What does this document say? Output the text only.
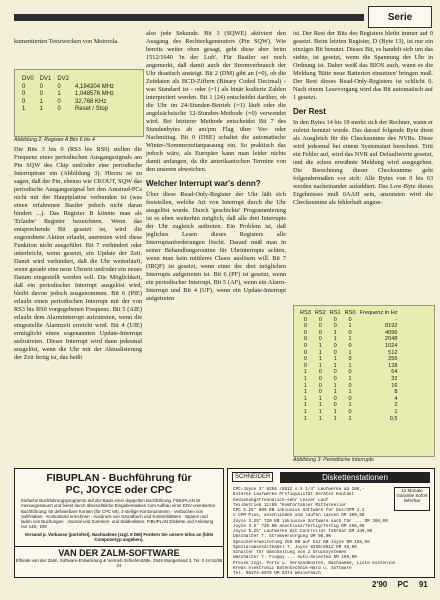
Serie

kumentierten Testzwecken von Motorola.

DV0	DV1	DV2	
0	0	0	4,194304 MHz
0	0	1	1,048576 MHz
0	1	0	32,768 KHz
1	1	0	Reset / Stop
Abbildung 2: Register A Bits 6 bis 4

Die Bits 3 bis 0 (RS3 bis RS0) stellen die Frequenz eines periodischen Ausgangssignals am Pin SQW des Chip und/oder eine periodische Interruptrate ein (Abbildung 3). Hierzu ist zu sagen, daß der Pin, ebenso wie CKOUT, SQW das periodische Ausgangssignal bei den Amstrad-PCs nicht mit der Hauptplatine verbunden ist (was einen erfahrenen Bastler jedoch nicht daran hindert ...). Das Register B könnte man als 'Erlaube' Register bezeichnen. Wenn das entsprechende Bit gesetzt ist, wird die zugeordnete Aktion erlaubt, anernsten wird diese Funktion nicht ausgeführt. Bit 7 verhindert oder unterbricht, wenn gesetzt, ein Update der Zeit. Damit wird verhindert, daß die Uhr weiterläuft, wenn gerade eine neue Uhrzeit und/oder ein neues Datum eingestellt werden soll. Die Möglichkeit, daß ein periodischer Interrupt ausgelöst wird, bleibt davon jedoch ausgenommen. Bit 6 (PIE) erlaubt einen periodischen Interrupt mit der von RS3 bis RS0 vorgegebenen Frequenz. Bit 5 (AIE) erlaubt dem Alarminterrupt aufzutreten, wenn die eingestellte Alarmzeit erreicht wird. Bit 4 (UIE) ermöglicht einen sogenannten Update-Interrupt aufzutreten. Dieser Interrupt wird dann jedesmal ausgelöst, wenn die Uhr mit der Aktualisierung der Zeit fertig ist, das heißt

also jede Sekunde. Bit 3 (SQWE) aktiviert den Ausgang des Rechteckgenerators (Pin SQW). Wie bereits weiter oben gesagt, geht diese aber beim 1512/1640 'in der Luft'. Für Bastler sei noch angemerkt, daß damit auch der Stromverbrauch der Uhr drastisch ansteigt. Bit 2 (DM) gibt an (=0), ob die Zeitdaten als BCD-Ziffern (Binary Coded Decimal) - was Standard ist - oder (=1) als binär kodierte Zahlen interpretiert werden. Bit 1 (24) entscheidet darüber, ob die Uhr im 24-Stunden-Betrieb (=1) läuft oder die angelsächsische 12-Stunden-Methode (=0) verwendet wird. Bei letzterer Methode entscheidet Bit 7 des Stundenbytes ab am/pm Flag über Vor- oder Nachmittag. Bit 0 (DSE) schaltet die automatische Winter-/Sommerzeitanpassung ein. So praktisch das jedoch wäre, als Europäer kann man leider nichts damit anfangen, da die amerikanischen Termine von den unseren abweichen.

Welcher Interrupt war's denn?

Über diese Read-Only-Register der Uhr läßt sich feststellen, welche Art von Interrupt durch die Uhr ausgelöst wurde. Durch 'geschickte' Programmierung ist es eben weiterhin möglich, daß alle drei Interrupts der Uhr zugleich auftreten. Ein Problem ist, daß jegliches Lesen dieses Registers alle Interruptanforderungen löscht. Darauf muß man in seiner Behandlungsroutine für Uhrinterrupts achten, wenn man kein mittleres Chaos auslösen will. Bit 7 (IRQF) ist gesetzt, wenn einer der drei möglichen Interrupts aufgetreten ist. Bit 6 (PF) ist gesetzt, wenn ein periodischer Interrupt, Bit 5 (AF), wenn ein Alarm-Interrupt und Bit 4 (UF), wenn ein Update-Interrupt aufgetreten

ist. Der Rest der Bits des Registers bleibt immer auf 0 gesetzt. Beim letzten Register, D (Byte 13), ist nur ein einziges Bit benutzt. Dieses Bit, es handelt sich um das siebte, ist gesetzt, wenn die Spannung der Uhr in Ordnung ist. Daher weiß das BIOS auch, wann es die Meldung 'Bitte neue Batterien einsetzen' bringen muß. Der Rest dieses Read-Only-Registers ist schlicht 0. Nach einem Lesevorgang wird das Bit automatisch auf 1 gesetzt.

Der Rest

In den Bytes 14 bis 19 merkt sich der Rechner, wann er zuletzt benutzt wurde. Das darauf folgende Byte dient als Ausgleich für die Checksumme des NVRs. Diese wird jedesmal bei einem Systemstart berechnet. Tritt ein Fehler auf, wird das NVR auf Defaultwerte gesetzt, und die schon erwähnte Meldung wird ausgegeben. Die Berechnung dieser Checksumme geht folgendermaßen vor sich: Alle Bytes von 0 bis 63 werden nacheinander aufaddiert. Das Low-Byte dieses Ergebnisses muß 0AAH sein, ansonsten wird die Checksumme als fehlerhaft angese-

RS3	RS2	RS1	RS0	Frequenz in Hz
0	0	0	0	-
0	0	0	1	8192
0	0	1	0	4096
0	0	1	1	2048
0	1	0	0	1024
0	1	0	1	512
0	1	1	0	256
0	1	1	1	128
1	0	0	0	64
1	0	0	1	32
1	0	1	0	16
1	0	1	1	8
1	1	0	0	4
1	1	0	1	2
1	1	1	0	1
1	1	1	1	0,5
Abbildung 3: Periodische Interrupts
FIBUPLAN - Buchführung für
PC, JOYCE oder CPC
Einfache Buchführungsprogramm auf der Basis einer doppelten Buchführung. FIBUPLAN ist menuegesteuert und bietet durch übersichtliche Eingabemasken zum Aufbau einer EDV-orientierten Buchführung: 60 definierbare Konten (für CPC 60), 4-stellige Kontonummern · Verbuchen von Soll/Haben · Kontostand errechnen · Ausdruck von Grundbuch und Kontenblättern · Sparen und laden von Buchungen · Journal und Summen- und Saldenlisten. FIBUPLAN Diskette und Anleitung nur 148,- DM
Versand p. Vorkasse (portofrei), Nachnahme (zzgl. 5 DM) Fordern Sie unsere Infos an (bitte Computertyp angeben).
VAN DER ZALM-SOFTWARE
Elfriede van der Zalm, Software-Entwicklung & Vertrieb Schieferstätte, 2949 Wangerland 3, Tel. 0 44 61/55 24
SCHNEIDER	Diskettenstationen
12 Monate Garantie Sofort lieferbar
CPC-Joyce 3" 8256 /8512 o 5 1/4" Laufwerke ab 298,-
Externe Laufwerke Profiqualität Gerätes Kontakt
bedienungsfreundlich-sehr Leiser Lauf
Teilbetrieb 11/89 *Komfortabler Mittelkeller
CPC 5.25" 800 KB inklusive Software für Dos/CPM 2.2
o CPM Plus, anschließen und laufen lassen DM 389,00
Joyce 3.25" 720 KB inklusive Software auch für ... DM 398,00
Joyce 3.5" 720 KB anschluss/fertig/fertig DM 298,00
Joyce 5.25" Laufwerke mit Controller fahrbar DM 349,00
Ubschalter f. Stromversorgung DM 98,00
Speichererweiterung 256 KB auf 512 KB Joyce DM 198,00
Spezialumschaltkabel f. Joyce 8256/8512 DM 49,00
Schalter für Umschaltung von 2 Drucksystemen
Umschalter f. Floppy ... Auto-Selected DM 169,00
Preise zzgl. Porto u. Versandkosten, Nachnahme, Liste kostenlos
Krebs elektronic Datentechnik-Hard u. Software
Tel. 06374-6978 DM 6374 Weilerbach
2'90 PC 91
